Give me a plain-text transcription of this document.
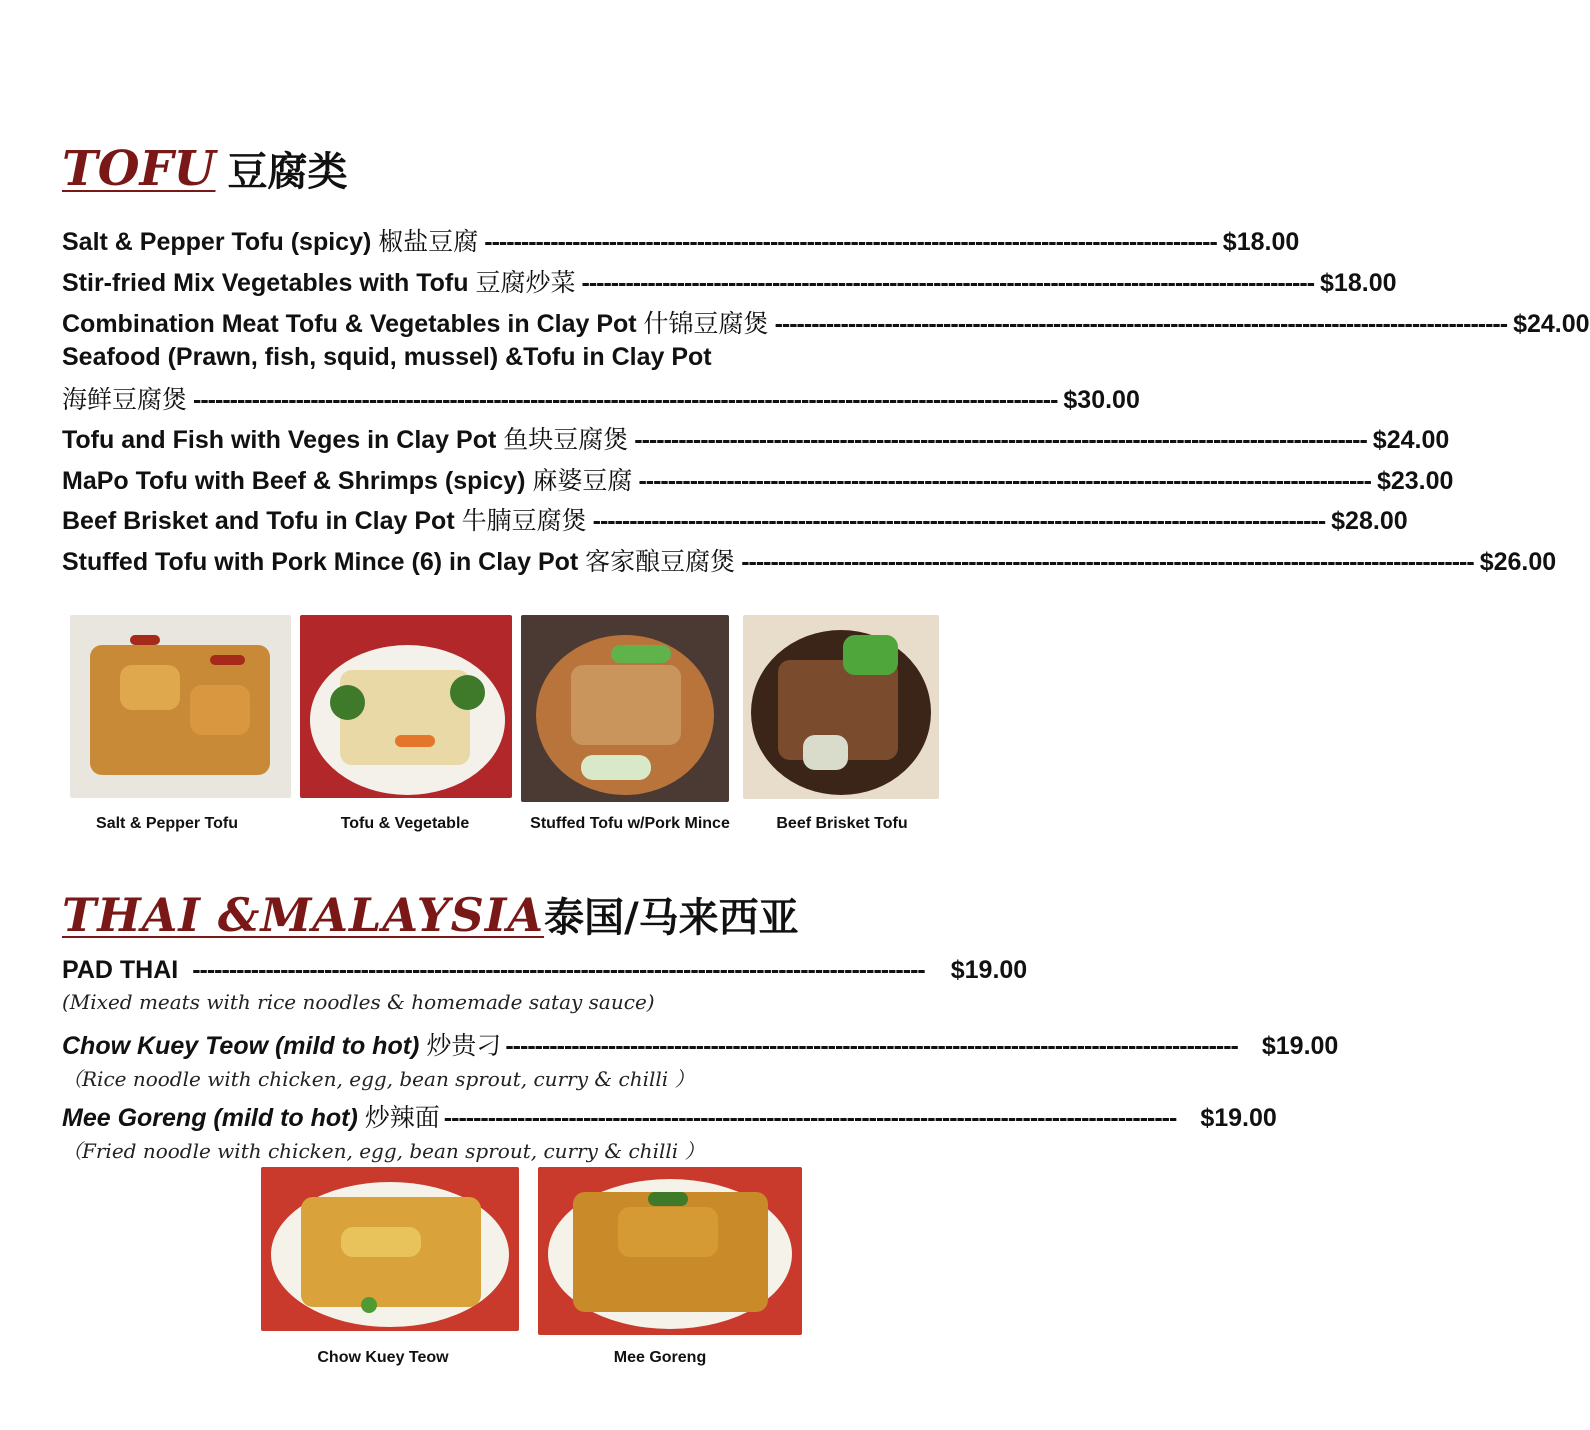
TOFU 豆腐类
Salt & Pepper Tofu (spicy) 椒盐豆腐 ---------------------------------------------------------------------------------------------------- $18.00
Stir-fried Mix Vegetables with Tofu 豆腐炒菜 ---------------------------------------------------------------------------------------------------- $18.00
Combination Meat Tofu & Vegetables in Clay Pot 什锦豆腐煲 ---------------------------------------------------------------------------------------------------- $24.00
Seafood (Prawn, fish, squid, mussel) &Tofu in Clay Pot
海鲜豆腐煲 ---------------------------------------------------------------------------------------------------------------------- $30.00
Tofu and Fish with Veges in Clay Pot 鱼块豆腐煲 ---------------------------------------------------------------------------------------------------- $24.00
MaPo Tofu with Beef & Shrimps (spicy) 麻婆豆腐 ---------------------------------------------------------------------------------------------------- $23.00
Beef Brisket and Tofu in Clay Pot 牛腩豆腐煲 ---------------------------------------------------------------------------------------------------- $28.00
Stuffed Tofu with Pork Mince (6) in Clay Pot 客家酿豆腐煲 ---------------------------------------------------------------------------------------------------- $26.00
Salt & Pepper Tofu	Tofu & Vegetable	Stuffed Tofu w/Pork Mince	Beef Brisket Tofu
THAI &MALAYSIA 泰国/马来西亚
PAD THAI ---------------------------------------------------------------------------------------------------- $19.00
(Mixed meats with rice noodles & homemade satay sauce)
Chow Kuey Teow (mild to hot) 炒贵刁 ---------------------------------------------------------------------------------------------------- $19.00
（Rice noodle with chicken, egg, bean sprout, curry & chilli ）
Mee Goreng (mild to hot) 炒辣面 ---------------------------------------------------------------------------------------------------- $19.00
（Fried noodle with chicken, egg, bean sprout, curry & chilli ）
Chow Kuey Teow	Mee Goreng
